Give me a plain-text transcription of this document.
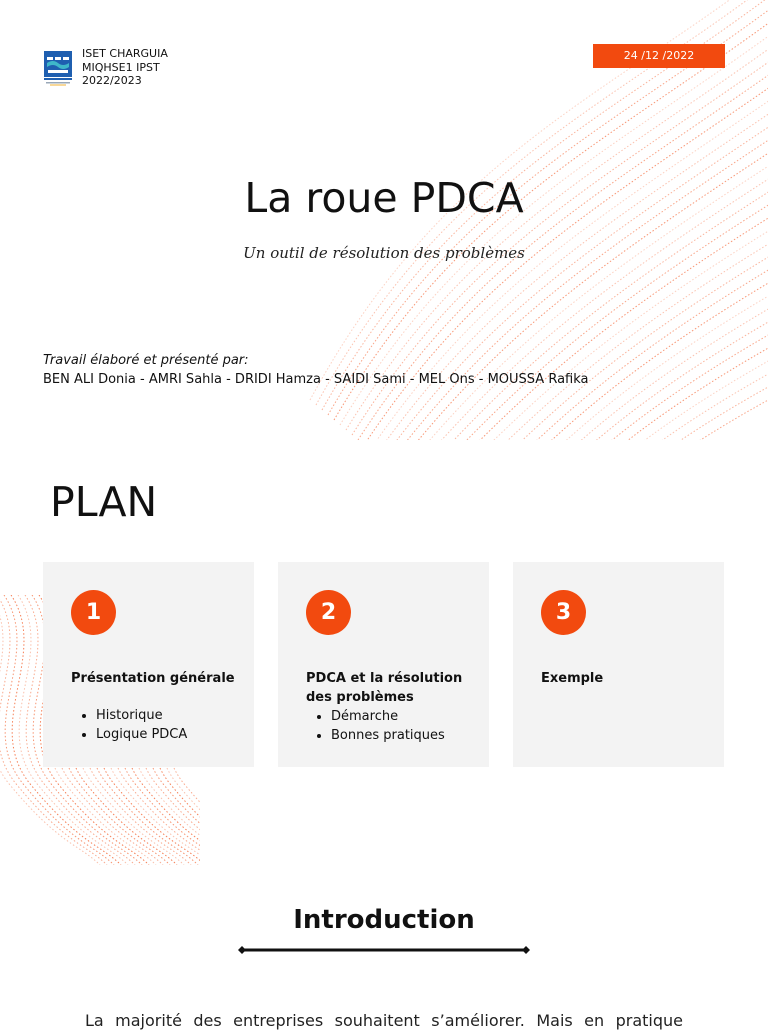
ISET CHARGUIA
MIQHSE1 IPST
2022/2023
24 /12 /2022
La roue PDCA
Un outil de résolution des problèmes
Travail élaboré et présenté par:
BEN ALI Donia - AMRI Sahla - DRIDI Hamza - SAIDI Sami - MEL Ons - MOUSSA Rafika
PLAN
1
Présentation générale
• Historique
• Logique PDCA
2
PDCA et la résolution des problèmes
• Démarche
• Bonnes pratiques
3
Exemple
Introduction
La majorité des entreprises souhaitent s’améliorer. Mais en pratique
